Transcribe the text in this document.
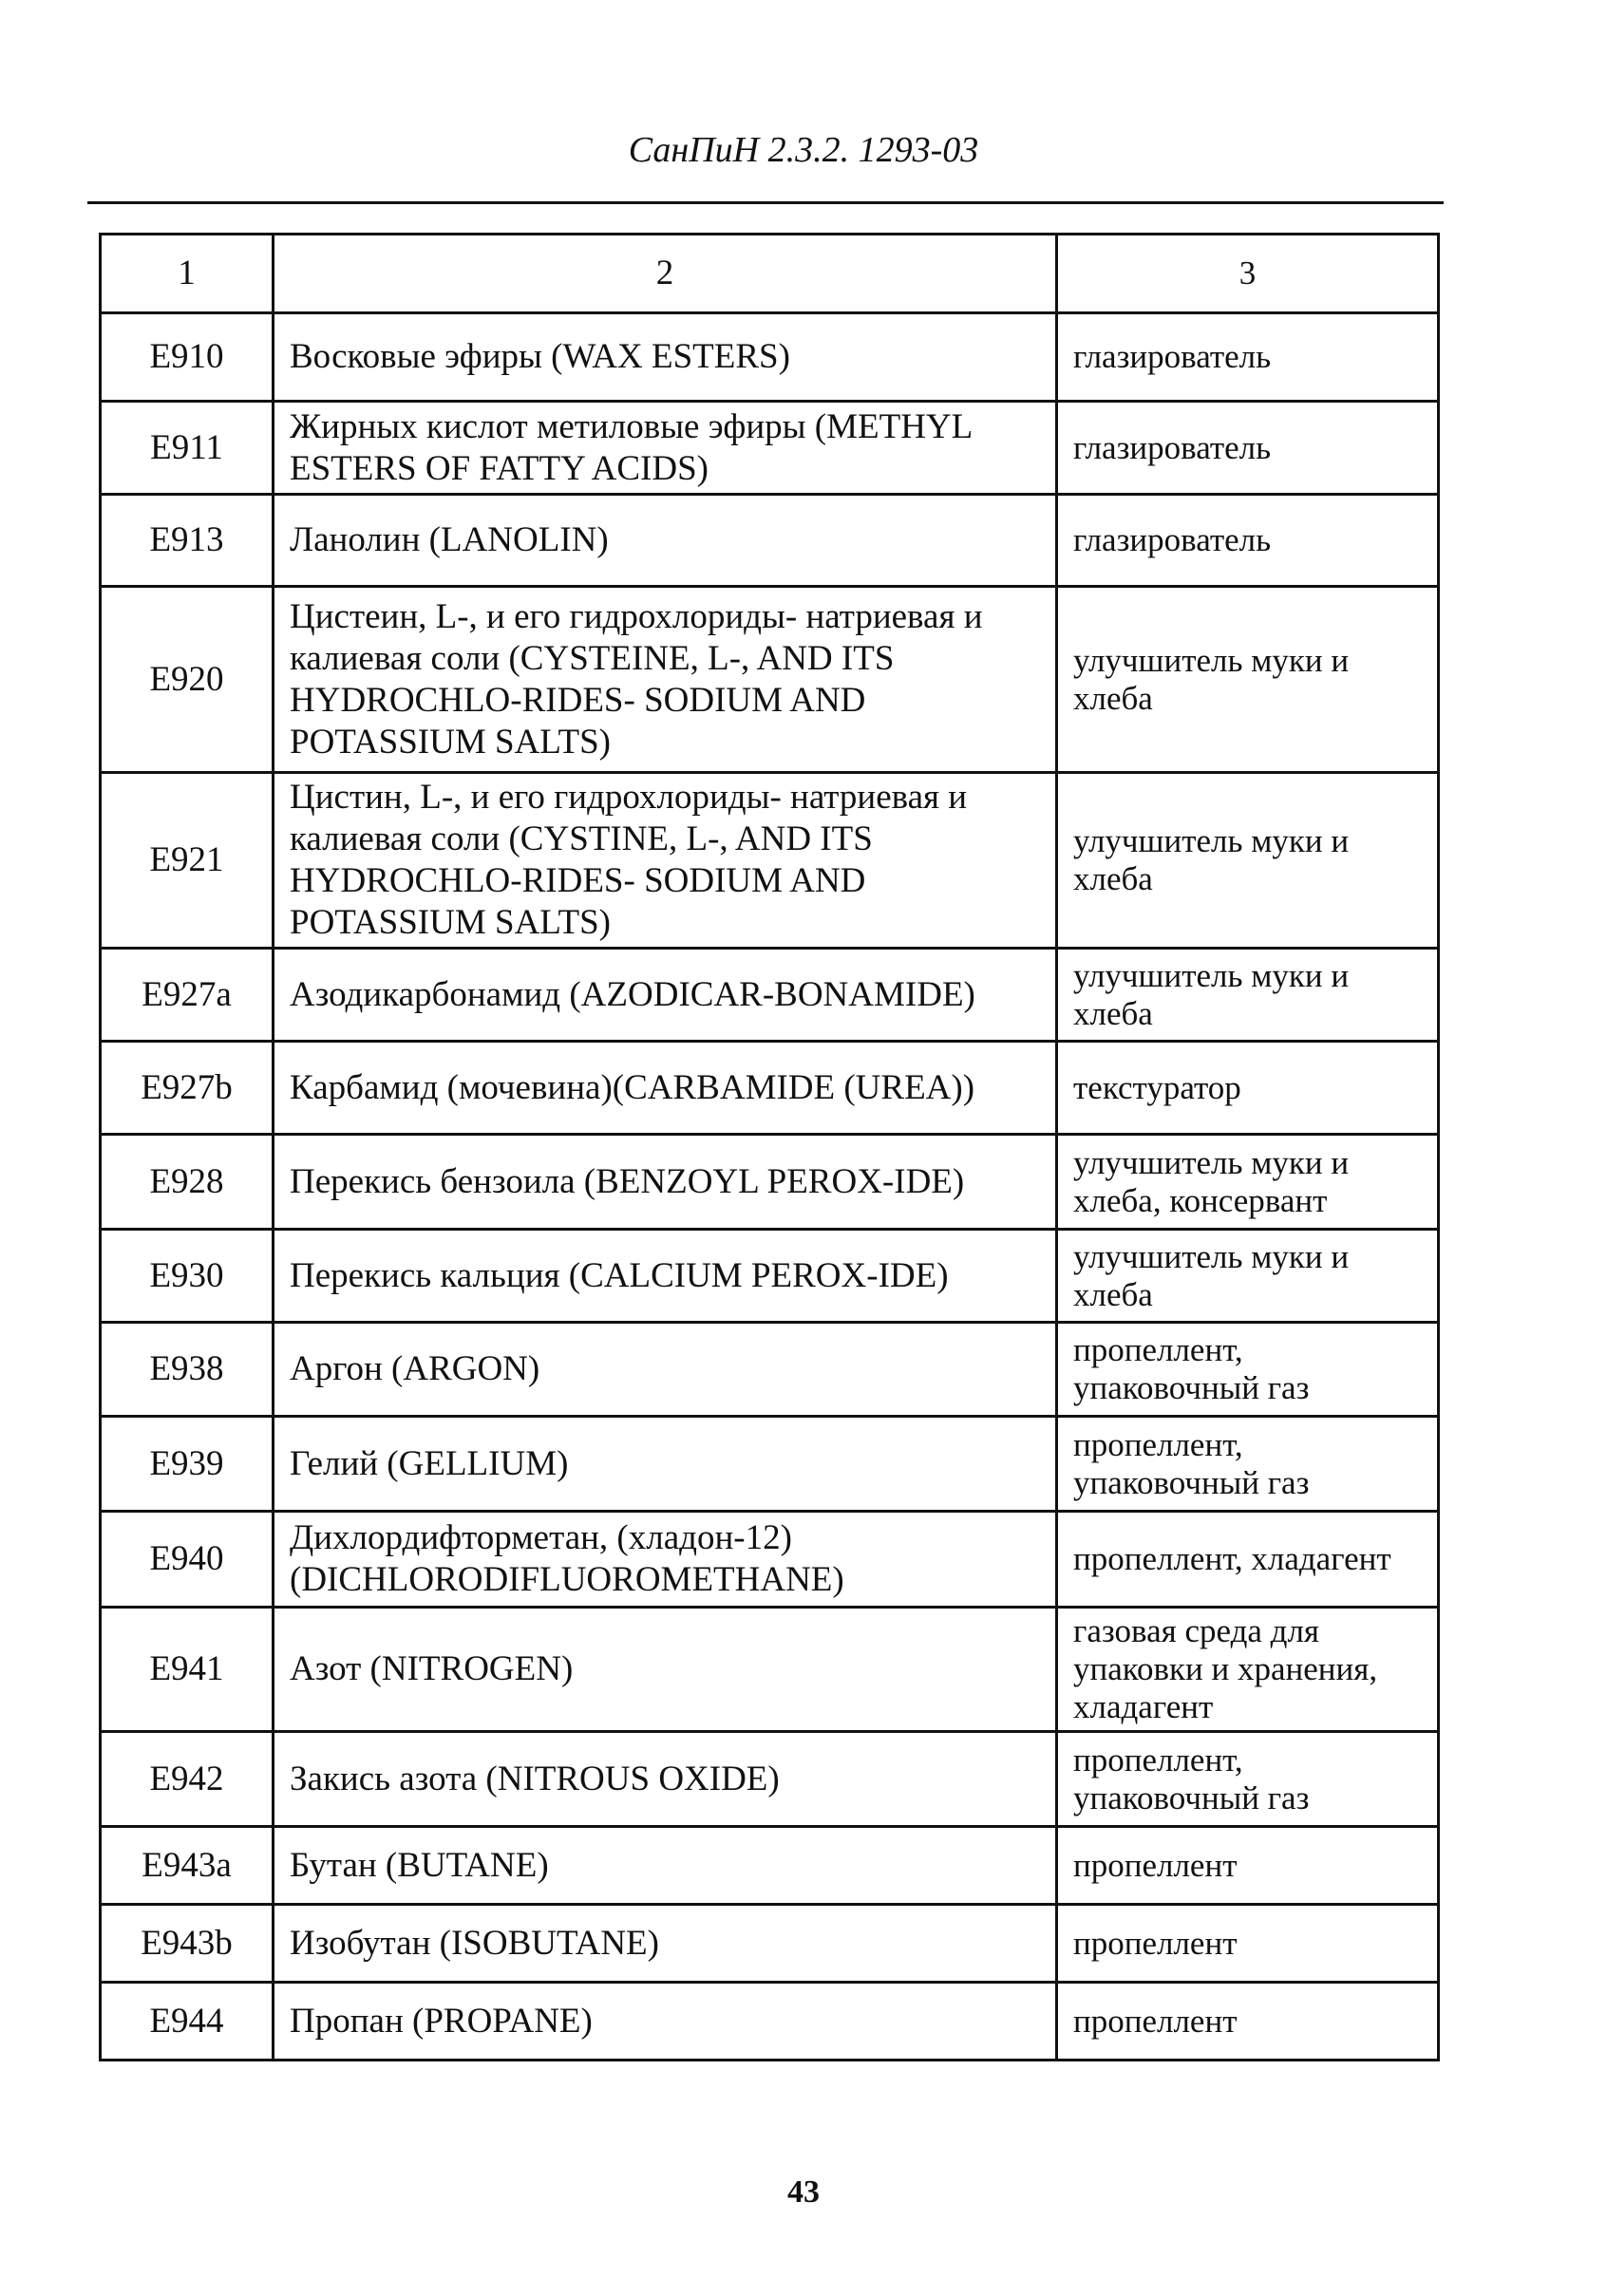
СанПиН 2.3.2. 1293-03
1	2	3
E910	Восковые эфиры (WAX ESTERS)	глазирователь
E911	Жирных кислот метиловые эфиры (METHYL ESTERS OF FATTY ACIDS)	глазирователь
E913	Ланолин (LANOLIN)	глазирователь
E920	Цистеин, L-, и его гидрохлориды- натриевая и калиевая соли (CYSTEINE, L-, AND ITS HYDROCHLO-RIDES- SODIUM AND POTASSIUM SALTS)	улучшитель муки и хлеба
E921	Цистин, L-, и его гидрохлориды- натриевая и калиевая соли (CYSTINE, L-, AND ITS HYDROCHLO-RIDES- SODIUM AND POTASSIUM SALTS)	улучшитель муки и хлеба
E927a	Азодикарбонамид (AZODICAR-BONAMIDE)	улучшитель муки и хлеба
E927b	Карбамид (мочевина)(CARBAMIDE (UREA))	текстуратор
E928	Перекись бензоила (BENZOYL PEROX-IDE)	улучшитель муки и хлеба, консервант
E930	Перекись кальция (CALCIUM PEROX-IDE)	улучшитель муки и хлеба
E938	Аргон (ARGON)	пропеллент, упаковочный газ
E939	Гелий (GELLIUM)	пропеллент, упаковочный газ
E940	Дихлордифторметан, (хладон-12)(DICHLORODIFLUOROMETHANE)	пропеллент, хладагент
E941	Азот (NITROGEN)	газовая среда для упаковки и хранения, хладагент
E942	Закись азота (NITROUS OXIDE)	пропеллент, упаковочный газ
E943a	Бутан (BUTANE)	пропеллент
E943b	Изобутан (ISOBUTANE)	пропеллент
E944	Пропан (PROPANE)	пропеллент
43
